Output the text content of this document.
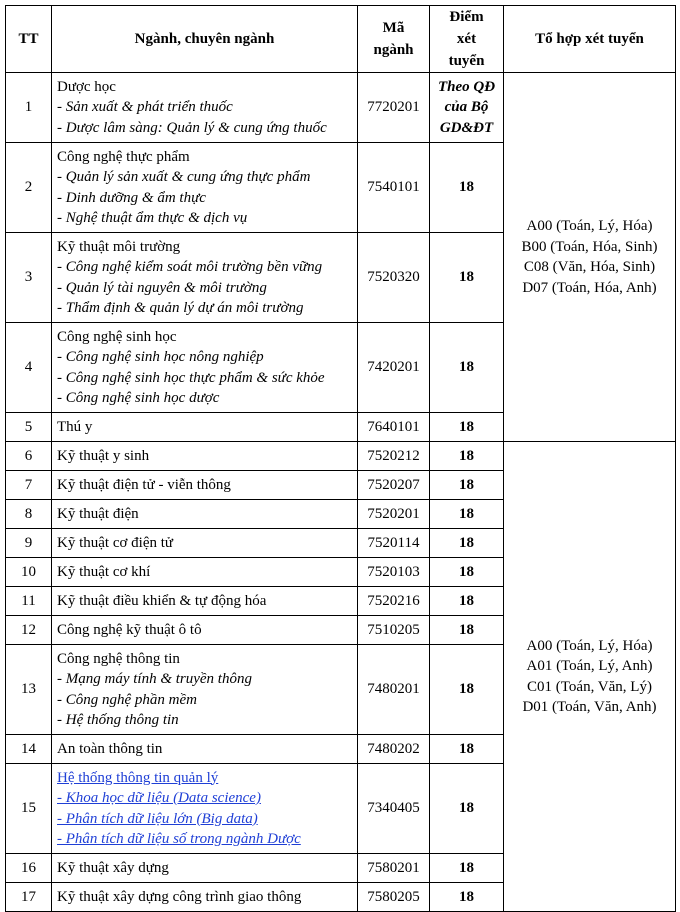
TT	Ngành, chuyên ngành	Mã ngành	Điểm xét tuyển	Tổ hợp xét tuyển
1	Dược học
- Sản xuất & phát triển thuốc
- Dược lâm sàng: Quản lý & cung ứng thuốc	7720201	Theo QĐ của Bộ GD&ĐT	A00 (Toán, Lý, Hóa)
B00 (Toán, Hóa, Sinh)
C08 (Văn, Hóa, Sinh)
D07 (Toán, Hóa, Anh)

2	Công nghệ thực phẩm
- Quản lý sản xuất & cung ứng thực phẩm
- Dinh dưỡng & ẩm thực
- Nghệ thuật ẩm thực & dịch vụ	7540101	18	
3	Kỹ thuật môi trường
- Công nghệ kiểm soát môi trường bền vững
- Quản lý tài nguyên & môi trường
- Thẩm định & quản lý dự án môi trường	7520320	18	
4	Công nghệ sinh học
- Công nghệ sinh học nông nghiệp
- Công nghệ sinh học thực phẩm & sức khỏe
- Công nghệ sinh học dược	7420201	18	
5	Thú y	7640101	18	
6	Kỹ thuật y sinh	7520212	18	A00 (Toán, Lý, Hóa)
A01 (Toán, Lý, Anh)
C01 (Toán, Văn, Lý)
D01 (Toán, Văn, Anh)

7	Kỹ thuật điện tử - viễn thông	7520207	18	
8	Kỹ thuật điện	7520201	18	
9	Kỹ thuật cơ điện tử	7520114	18	
10	Kỹ thuật cơ khí	7520103	18	
11	Kỹ thuật điều khiển & tự động hóa	7520216	18	
12	Công nghệ kỹ thuật ô tô	7510205	18	
13	Công nghệ thông tin
- Mạng máy tính & truyền thông
- Công nghệ phần mềm
- Hệ thống thông tin	7480201	18	
14	An toàn thông tin	7480202	18	
15	Hệ thống thông tin quản lý
- Khoa học dữ liệu (Data science)
- Phân tích dữ liệu lớn (Big data)
- Phân tích dữ liệu số trong ngành Dược	7340405	18	
16	Kỹ thuật xây dựng	7580201	18	
17	Kỹ thuật xây dựng công trình giao thông	7580205	18	
